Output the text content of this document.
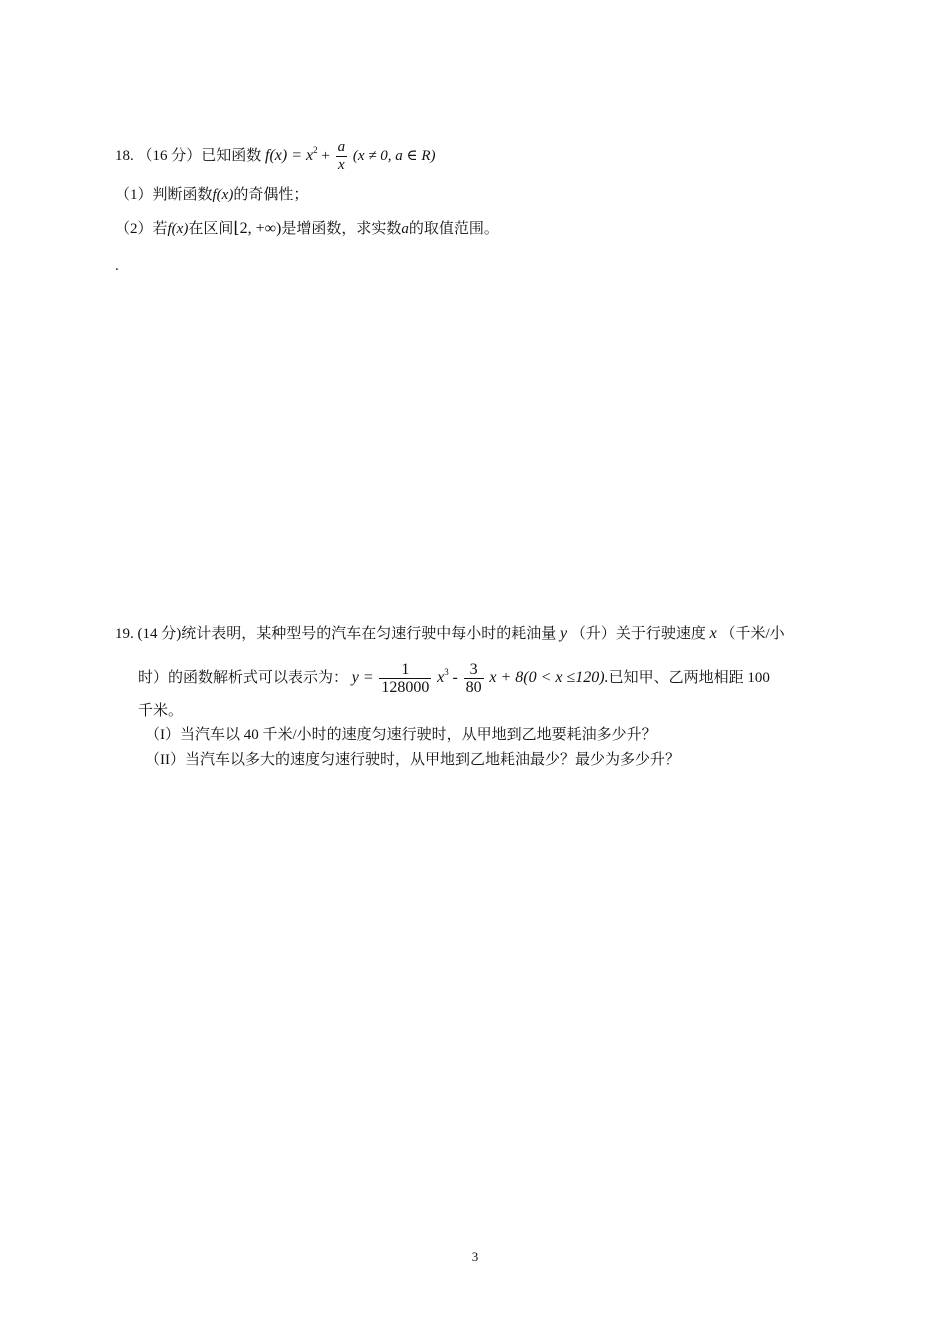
18. （16 分）已知函数 $f(x) = x^2 + \frac{a}{x} (x \ne 0$, a ∈ R)
（1）判断函数f(x)的奇偶性；
（2）若f(x)在区间⌊2, +∞)是增函数，求实数a的取值范围。
.
19. (14 分)统计表明，某种型号的汽车在匀速行驶中每小时的耗油量 y （升）关于行驶速度 x （千米/小
时）的函数解析式可以表示为： $y = \frac{1}{128000} x^3 - \frac{3}{80}$ x + 8(0 < x ≤120).已知甲、乙两地相距 100
千米。
（I）当汽车以 40 千米/小时的速度匀速行驶时，从甲地到乙地要耗油多少升？
（II）当汽车以多大的速度匀速行驶时，从甲地到乙地耗油最少？最少为多少升？
3
